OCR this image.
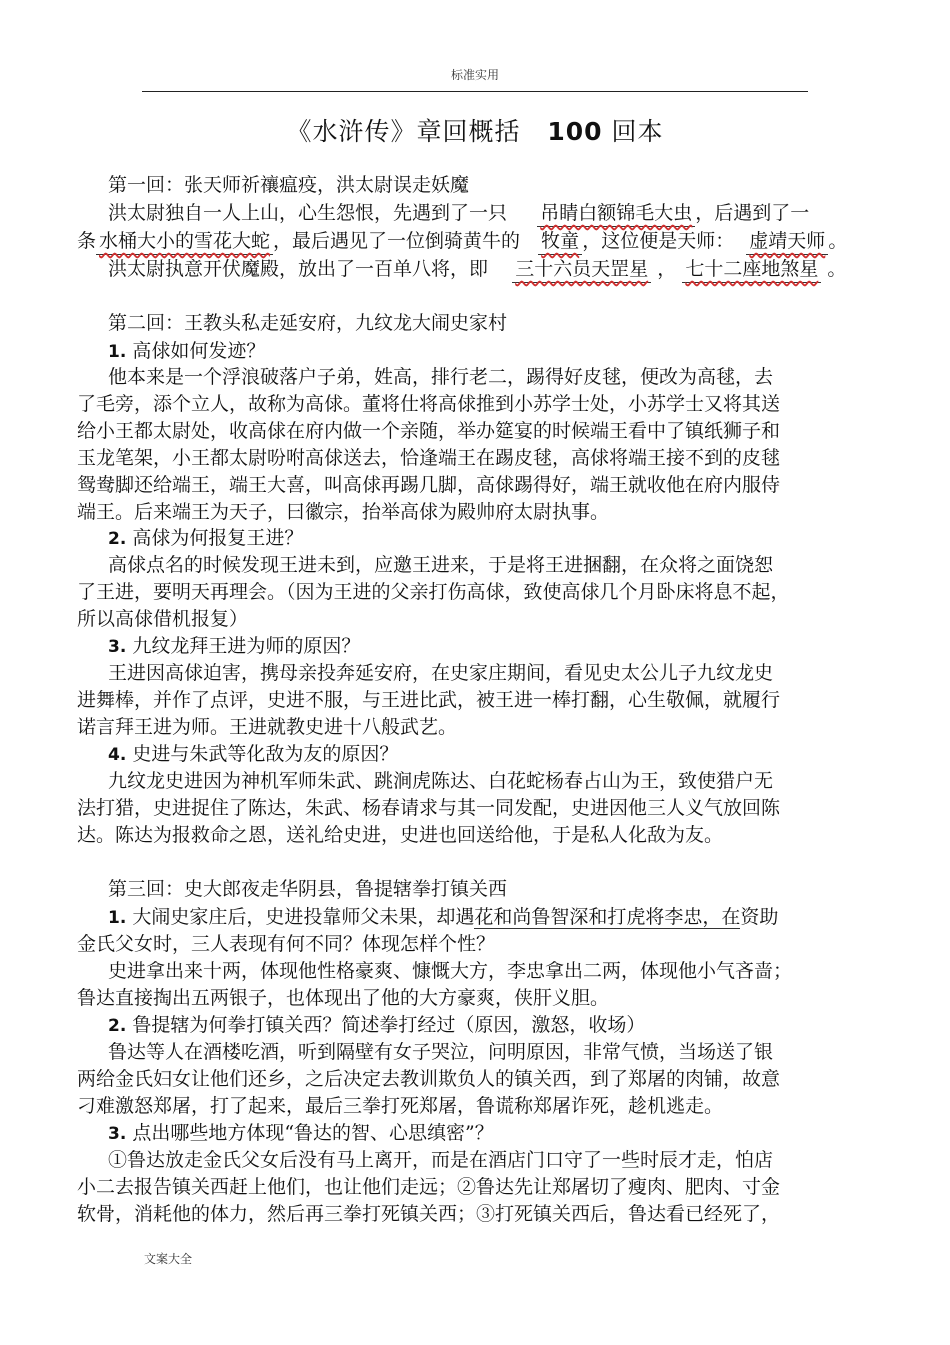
标准实用
《水浒传》章回概括 100 回本
第一回：张天师祈禳瘟疫，洪太尉误走妖魔
洪太尉独自一人上山，心生怨恨，先遇到了一只 吊睛白额锦毛大虫 ，后遇到了一
条 水桶大小的雪花大蛇 ，最后遇见了一位倒骑黄牛的 牧童 ，这位便是天师： 虚靖天师 。
洪太尉执意开伏魔殿，放出了一百单八将，即 三十六员天罡星 ， 七十二座地煞星 。
第二回：王教头私走延安府，九纹龙大闹史家村
1. 高俅如何发迹？
他本来是一个浮浪破落户子弟，姓高，排行老二，踢得好皮毬，便改为高毬，去
了毛旁，添个立人，故称为高俅。董将仕将高俅推到小苏学士处，小苏学士又将其送
给小王都太尉处，收高俅在府内做一个亲随，举办筵宴的时候端王看中了镇纸狮子和
玉龙笔架，小王都太尉吩咐高俅送去，恰逢端王在踢皮毬，高俅将端王接不到的皮毬
鸳鸯脚还给端王，端王大喜，叫高俅再踢几脚，高俅踢得好，端王就收他在府内服侍
端王。后来端王为天子，曰徽宗，抬举高俅为殿帅府太尉执事。
2. 高俅为何报复王进？
高俅点名的时候发现王进未到，应邀王进来，于是将王进捆翻，在众将之面饶恕
了王进，要明天再理会。（因为王进的父亲打伤高俅，致使高俅几个月卧床将息不起，
所以高俅借机报复）
3. 九纹龙拜王进为师的原因？
王进因高俅迫害，携母亲投奔延安府，在史家庄期间，看见史太公儿子九纹龙史
进舞棒，并作了点评，史进不服，与王进比武，被王进一棒打翻，心生敬佩，就履行
诺言拜王进为师。王进就教史进十八般武艺。
4. 史进与朱武等化敌为友的原因？
九纹龙史进因为神机军师朱武、跳涧虎陈达、白花蛇杨春占山为王，致使猎户无
法打猎，史进捉住了陈达，朱武、杨春请求与其一同发配，史进因他三人义气放回陈
达。陈达为报救命之恩，送礼给史进，史进也回送给他，于是私人化敌为友。
第三回：史大郎夜走华阴县，鲁提辖拳打镇关西
1. 大闹史家庄后，史进投靠师父未果，却遇花和尚鲁智深和打虎将李忠，在资助
金氏父女时，三人表现有何不同？体现怎样个性？
史进拿出来十两，体现他性格豪爽、慷慨大方，李忠拿出二两，体现他小气吝啬；
鲁达直接掏出五两银子，也体现出了他的大方豪爽，侠肝义胆。
2. 鲁提辖为何拳打镇关西？简述拳打经过（原因，激怒，收场）
鲁达等人在酒楼吃酒，听到隔壁有女子哭泣，问明原因，非常气愤，当场送了银
两给金氏妇女让他们还乡，之后决定去教训欺负人的镇关西，到了郑屠的肉铺，故意
刁难激怒郑屠，打了起来，最后三拳打死郑屠，鲁谎称郑屠诈死，趁机逃走。
3. 点出哪些地方体现“鲁达的智、心思缜密”？
①鲁达放走金氏父女后没有马上离开，而是在酒店门口守了一些时辰才走，怕店
小二去报告镇关西赶上他们，也让他们走远；②鲁达先让郑屠切了瘦肉、肥肉、寸金
软骨，消耗他的体力，然后再三拳打死镇关西；③打死镇关西后，鲁达看已经死了，
文案大全
